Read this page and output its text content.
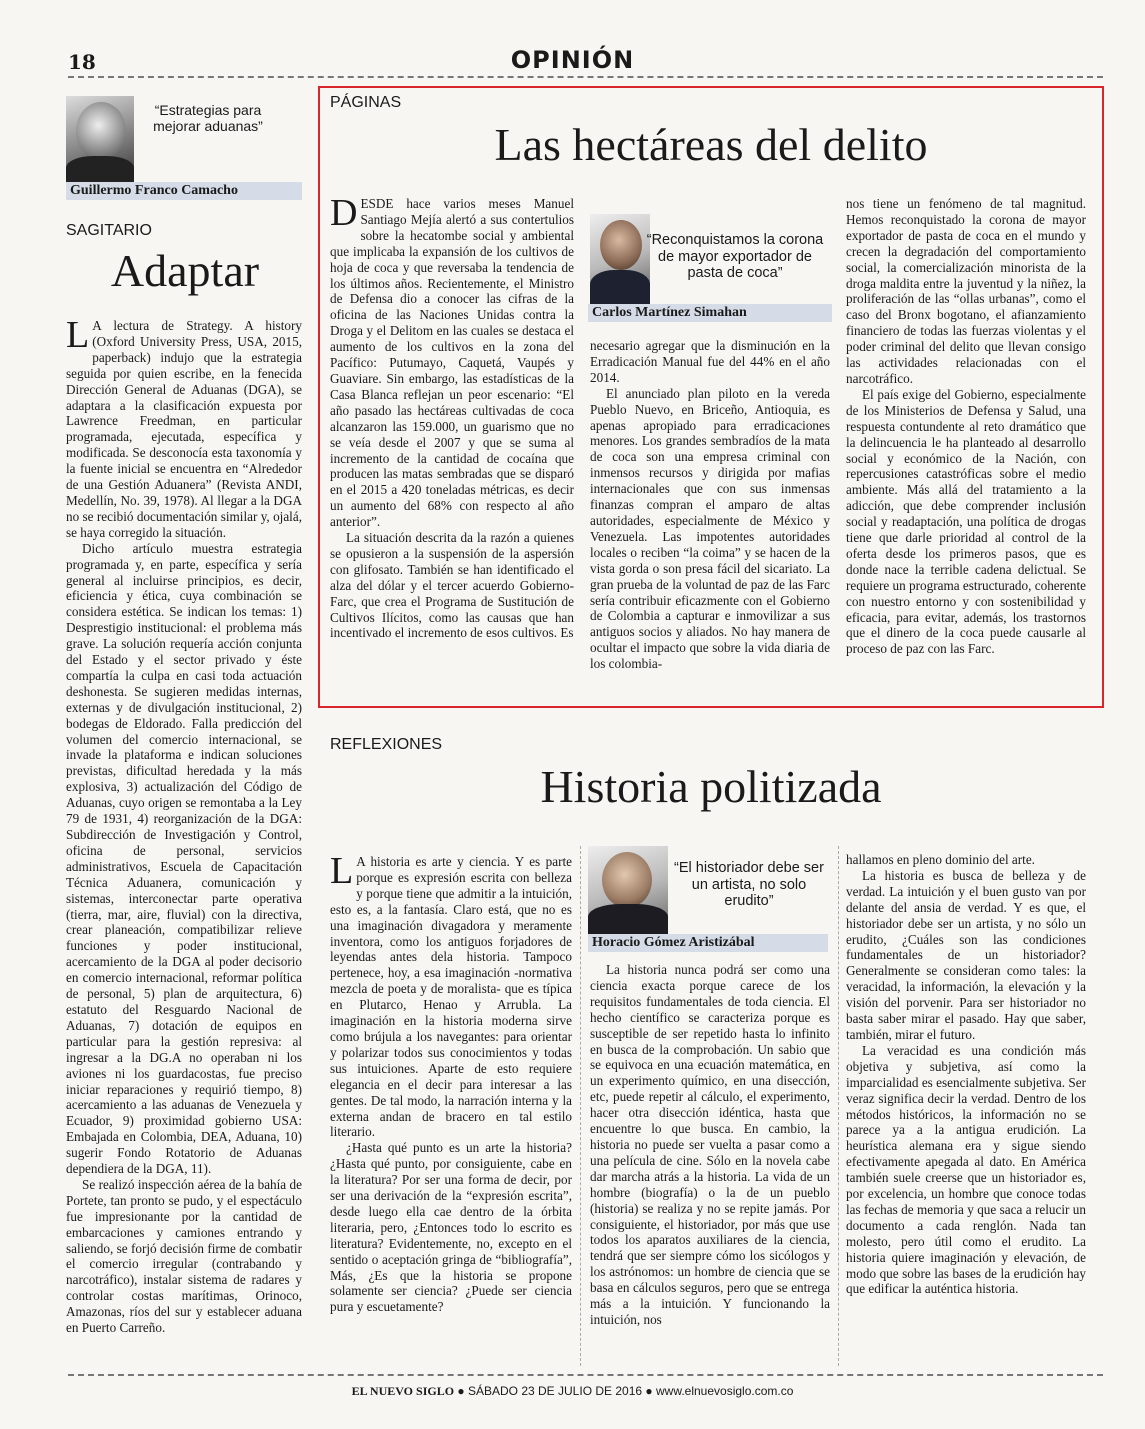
18	OPINIÓN
“Estrategias para mejorar aduanas”
Guillermo Franco Camacho
SAGITARIO
Adaptar
L A lectura de Strategy. A history (Oxford University Press, USA, 2015, paperback) indujo que la estrategia seguida por quien escribe, en la fenecida Dirección General de Aduanas (DGA), se adaptara a la clasificación expuesta por Lawrence Freedman, en particular programada, ejecutada, específica y modificada. Se desconocía esta taxonomía y la fuente inicial se encuentra en “Alrededor de una Gestión Aduanera” (Revista ANDI, Medellín, No. 39, 1978). Al llegar a la DGA no se recibió documentación similar y, ojalá, se haya corregido la situación.

Dicho artículo muestra estrategia programada y, en parte, específica y sería general al incluirse principios, es decir, eficiencia y ética, cuya combinación se considera estética. Se indican los temas: 1) Desprestigio institucional: el problema más grave. La solución requería acción conjunta del Estado y el sector privado y éste compartía la culpa en casi toda actuación deshonesta. Se sugieren medidas internas, externas y de divulgación institucional, 2) bodegas de Eldorado. Falla predicción del volumen del comercio internacional, se invade la plataforma e indican soluciones previstas, dificultad heredada y la más explosiva, 3) actualización del Código de Aduanas, cuyo origen se remontaba a la Ley 79 de 1931, 4) reorganización de la DGA: Subdirección de Investigación y Control, oficina de personal, servicios administrativos, Escuela de Capacitación Técnica Aduanera, comunicación y sistemas, interconectar parte operativa (tierra, mar, aire, fluvial) con la directiva, crear planeación, compatibilizar relieve funciones y poder institucional, acercamiento de la DGA al poder decisorio en comercio internacional, reformar política de personal, 5) plan de arquitectura, 6) estatuto del Resguardo Nacional de Aduanas, 7) dotación de equipos en particular para la gestión represiva: al ingresar a la DG.A no operaban ni los aviones ni los guardacostas, fue preciso iniciar reparaciones y requirió tiempo, 8) acercamiento a las aduanas de Venezuela y Ecuador, 9) proximidad gobierno USA: Embajada en Colombia, DEA, Aduana, 10) sugerir Fondo Rotatorio de Aduanas dependiera de la DGA, 11).

Se realizó inspección aérea de la bahía de Portete, tan pronto se pudo, y el espectáculo fue impresionante por la cantidad de embarcaciones y camiones entrando y saliendo, se forjó decisión firme de combatir el comercio irregular (contrabando y narcotráfico), instalar sistema de radares y controlar costas marítimas, Orinoco, Amazonas, ríos del sur y establecer aduana en Puerto Carreño.

PÁGINAS
Las hectáreas del delito
D ESDE hace varios meses Manuel Santiago Mejía alertó a sus contertulios sobre la hecatombe social y ambiental que implicaba la expansión de los cultivos de hoja de coca y que reversaba la tendencia de los últimos años. Recientemente, el Ministro de Defensa dio a conocer las cifras de la oficina de las Naciones Unidas contra la Droga y el Delitom en las cuales se destaca el aumento de los cultivos en la zona del Pacífico: Putumayo, Caquetá, Vaupés y Guaviare. Sin embargo, las estadísticas de la Casa Blanca reflejan un peor escenario: “El año pasado las hectáreas cultivadas de coca alcanzaron las 159.000, un guarismo que no se veía desde el 2007 y que se suma al incremento de la cantidad de cocaína que producen las matas sembradas que se disparó en el 2015 a 420 toneladas métricas, es decir un aumento del 68% con respecto al año anterior”.

La situación descrita da la razón a quienes se opusieron a la suspensión de la aspersión con glifosato. También se han identificado el alza del dólar y el tercer acuerdo Gobierno-Farc, que crea el Programa de Sustitución de Cultivos Ilícitos, como las causas que han incentivado el incremento de esos cultivos. Es

“Reconquistamos la corona de mayor exportador de pasta de coca”
Carlos Martínez Simahan

necesario agregar que la disminución en la Erradicación Manual fue del 44% en el año 2014.

El anunciado plan piloto en la vereda Pueblo Nuevo, en Briceño, Antioquia, es apenas apropiado para erradicaciones menores. Los grandes sembradíos de la mata de coca son una empresa criminal con inmensos recursos y dirigida por mafias internacionales que con sus inmensas finanzas compran el amparo de altas autoridades, especialmente de México y Venezuela. Las impotentes autoridades locales o reciben “la coima” y se hacen de la vista gorda o son presa fácil del sicariato. La gran prueba de la voluntad de paz de las Farc sería contribuir eficazmente con el Gobierno de Colombia a capturar e inmovilizar a sus antiguos socios y aliados. No hay manera de ocultar el impacto que sobre la vida diaria de los colombia-

nos tiene un fenómeno de tal magnitud. Hemos reconquistado la corona de mayor exportador de pasta de coca en el mundo y crecen la degradación del comportamiento social, la comercialización minorista de la droga maldita entre la juventud y la niñez, la proliferación de las “ollas urbanas”, como el caso del Bronx bogotano, el afianzamiento financiero de todas las fuerzas violentas y el poder criminal del delito que llevan consigo las actividades relacionadas con el narcotráfico.

El país exige del Gobierno, especialmente de los Ministerios de Defensa y Salud, una respuesta contundente al reto dramático que la delincuencia le ha planteado al desarrollo social y económico de la Nación, con repercusiones catastróficas sobre el medio ambiente. Más allá del tratamiento a la adicción, que debe comprender inclusión social y readaptación, una política de drogas tiene que darle prioridad al control de la oferta desde los primeros pasos, que es donde nace la terrible cadena delictual. Se requiere un programa estructurado, coherente con nuestro entorno y con sostenibilidad y eficacia, para evitar, además, los trastornos que el dinero de la coca puede causarle al proceso de paz con las Farc.

REFLEXIONES
Historia politizada
L A historia es arte y ciencia. Y es parte porque es expresión escrita con belleza y porque tiene que admitir a la intuición, esto es, a la fantasía. Claro está, que no es una imaginación divagadora y meramente inventora, como los antiguos forjadores de leyendas antes dela historia. Tampoco pertenece, hoy, a esa imaginación -normativa mezcla de poeta y de moralista- que es típica en Plutarco, Henao y Arrubla. La imaginación en la historia moderna sirve como brújula a los navegantes: para orientar y polarizar todos sus conocimientos y todas sus intuiciones. Aparte de esto requiere elegancia en el decir para interesar a las gentes. De tal modo, la narración interna y la externa andan de bracero en tal estilo literario.

¿Hasta qué punto es un arte la historia? ¿Hasta qué punto, por consiguiente, cabe en la literatura? Por ser una forma de decir, por ser una derivación de la “expresión escrita”, desde luego ella cae dentro de la órbita literaria, pero, ¿Entonces todo lo escrito es literatura? Evidentemente, no, excepto en el sentido o aceptación gringa de “bibliografía”, Más, ¿Es que la historia se propone solamente ser ciencia? ¿Puede ser ciencia pura y escuetamente?

“El historiador debe ser un artista, no solo erudito”
Horacio Gómez Aristizábal

La historia nunca podrá ser como una ciencia exacta porque carece de los requisitos fundamentales de toda ciencia. El hecho científico se caracteriza porque es susceptible de ser repetido hasta lo infinito en busca de la comprobación. Un sabio que se equivoca en una ecuación matemática, en un experimento químico, en una disección, etc, puede repetir al cálculo, el experimento, hacer otra disección idéntica, hasta que encuentre lo que busca. En cambio, la historia no puede ser vuelta a pasar como a una película de cine. Sólo en la novela cabe dar marcha atrás a la historia. La vida de un hombre (biografía) o la de un pueblo (historia) se realiza y no se repite jamás. Por consiguiente, el historiador, por más que use todos los aparatos auxiliares de la ciencia, tendrá que ser siempre cómo los sicólogos y los astrónomos: un hombre de ciencia que se basa en cálculos seguros, pero que se entrega más a la intuición. Y funcionando la intuición, nos

hallamos en pleno dominio del arte.

La historia es busca de belleza y de verdad. La intuición y el buen gusto van por delante del ansia de verdad. Y es que, el historiador debe ser un artista, y no sólo un erudito, ¿Cuáles son las condiciones fundamentales de un historiador? Generalmente se consideran como tales: la veracidad, la información, la elevación y la visión del porvenir. Para ser historiador no basta saber mirar el pasado. Hay que saber, también, mirar el futuro.

La veracidad es una condición más objetiva y subjetiva, así como la imparcialidad es esencialmente subjetiva. Ser veraz significa decir la verdad. Dentro de los métodos históricos, la información no se parece ya a la antigua erudición. La heurística alemana era y sigue siendo efectivamente apegada al dato. En América también suele creerse que un historiador es, por excelencia, un hombre que conoce todas las fechas de memoria y que saca a relucir un documento a cada renglón. Nada tan molesto, pero útil como el erudito. La historia quiere imaginación y elevación, de modo que sobre las bases de la erudición hay que edificar la auténtica historia.

EL NUEVO SIGLO ● SÁBADO 23 DE JULIO DE 2016 ● www.elnuevosiglo.com.co
